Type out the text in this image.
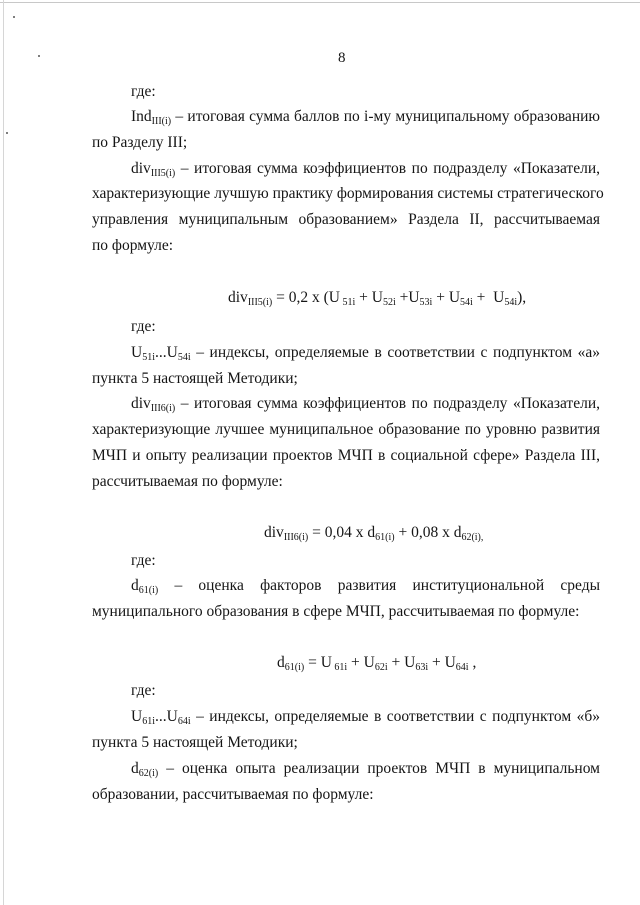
8
где:
Ind$_{III(i)}$ – итоговая сумма баллов по i-му муниципальному образованию
по Разделу III;
div$_{III5(i)}$ – итоговая сумма коэффициентов по подразделу «Показатели,
характеризующие лучшую практику формирования системы стратегического
управления муниципальным образованием» Раздела II, рассчитываемая
по формуле:
div$_{III5(i)}$ = 0,2 x (U $_{51i} + U_{52i} +U_{53i} + U_{54i} + U_{54i}$),
где:
$U_{51i}...U_{54i}$ – индексы, определяемые в соответствии с подпунктом «а»
пункта 5 настоящей Методики;
div$_{III6(i)}$ – итоговая сумма коэффициентов по подразделу «Показатели,
характеризующие лучшее муниципальное образование по уровню развития
МЧП и опыту реализации проектов МЧП в социальной сфере» Раздела III,
рассчитываемая по формуле:
div$_{III6(i)}$ = 0,04 x $d_{61(i)} + 0,08$ x $d_{62(i),}$
где:
$d_{61(i)}$ – оценка факторов развития институциональной среды
муниципального образования в сфере МЧП, рассчитываемая по формуле:
$d_{61(i)} = U$ $_{61i} + U_{62i} + U_{63i} + U_{64i}$ ,
где:
$U_{61i}...U_{64i}$ – индексы, определяемые в соответствии с подпунктом «б»
пункта 5 настоящей Методики;
$d_{62(i)}$ – оценка опыта реализации проектов МЧП в муниципальном
образовании, рассчитываемая по формуле:
